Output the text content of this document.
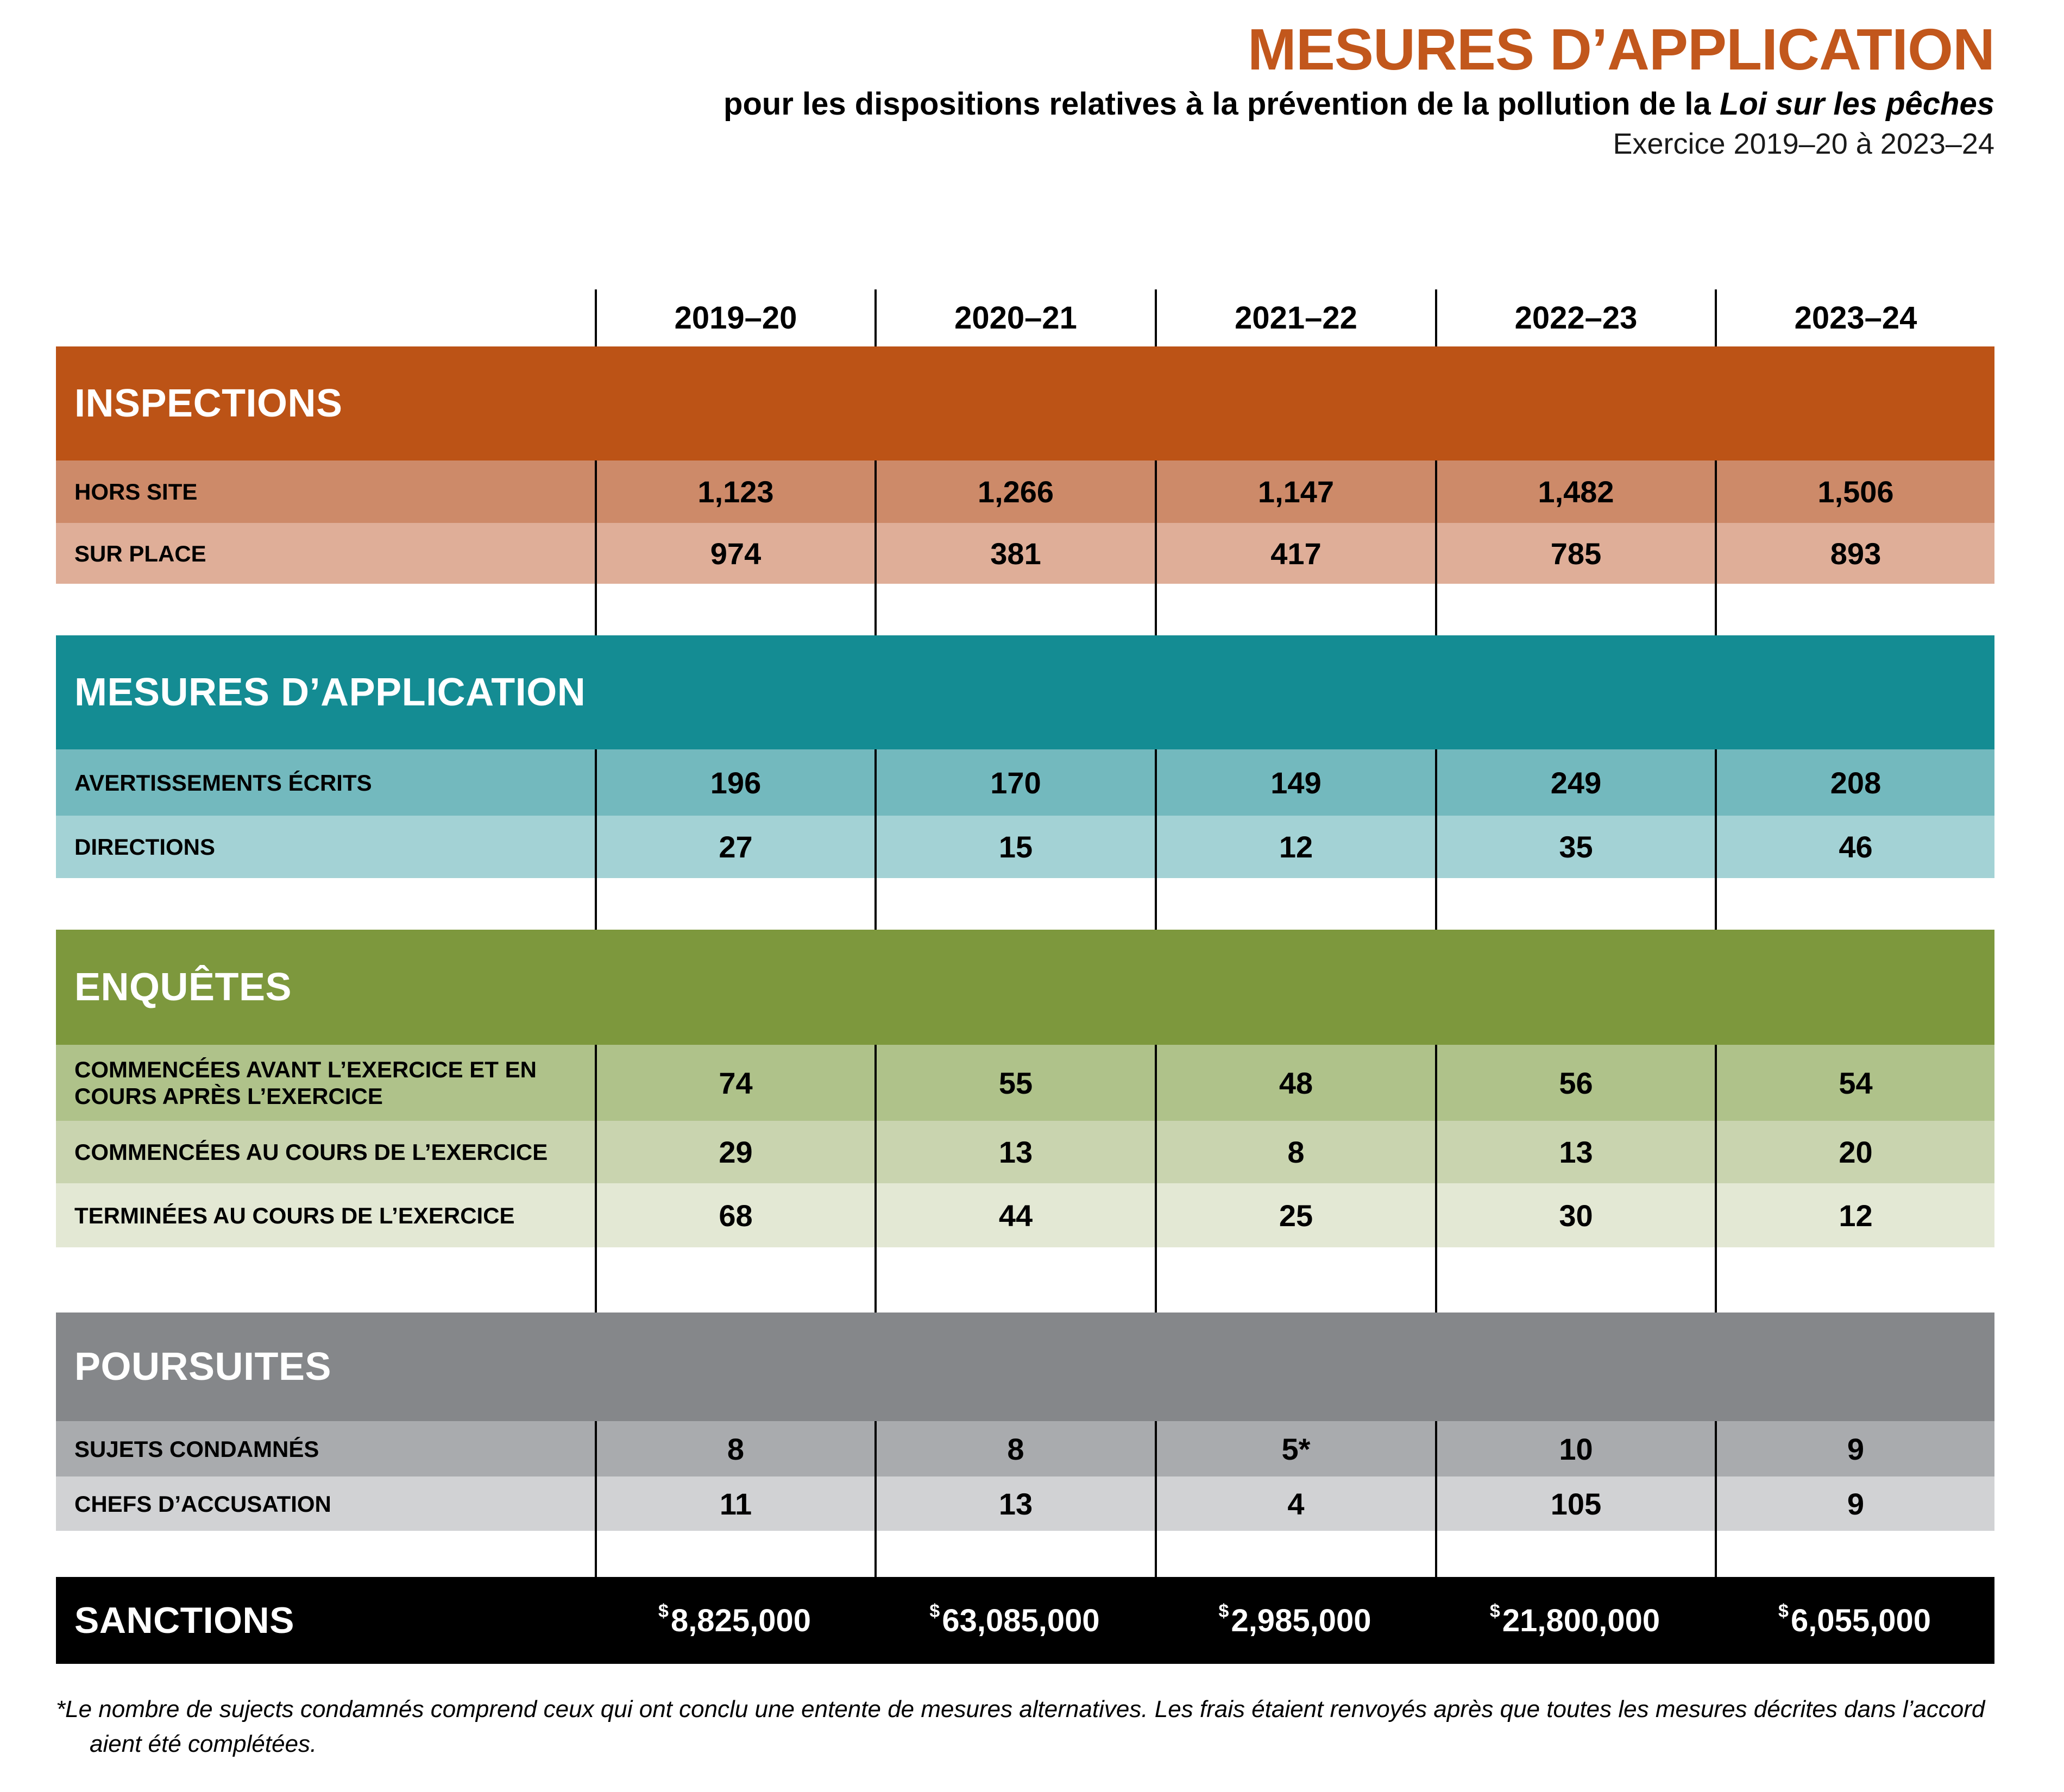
MESURES D’APPLICATION

pour les dispositions relatives à la prévention de la pollution de la Loi sur les pêches

Exercice 2019–20 à 2023–24

2019–20	2020–21	2021–22	2022–23	2023–24
INSPECTIONS
HORS SITE	1,123	1,266	1,147	1,482	1,506
SUR PLACE	974	381	417	785	893
MESURES D’APPLICATION
AVERTISSEMENTS ÉCRITS	196	170	149	249	208
DIRECTIONS	27	15	12	35	46
ENQUÊTES
COMMENCÉES AVANT L’EXERCICE ET EN COURS APRÈS L’EXERCICE	74	55	48	56	54
COMMENCÉES AU COURS DE L’EXERCICE	29	13	8	13	20
TERMINÉES AU COURS DE L’EXERCICE	68	44	25	30	12
POURSUITES
SUJETS CONDAMNÉS	8	8	5*	10	9
CHEFS D’ACCUSATION	11	13	4	105	9
SANCTIONS	$ 8,825,000	$ 63,085,000	$ 2,985,000	$ 21,800,000	$ 6,055,000

*Le nombre de sujects condamnés comprend ceux qui ont conclu une entente de mesures alternatives. Les frais étaient renvoyés après que toutes les mesures décrites dans l’accord aient été complétées.
